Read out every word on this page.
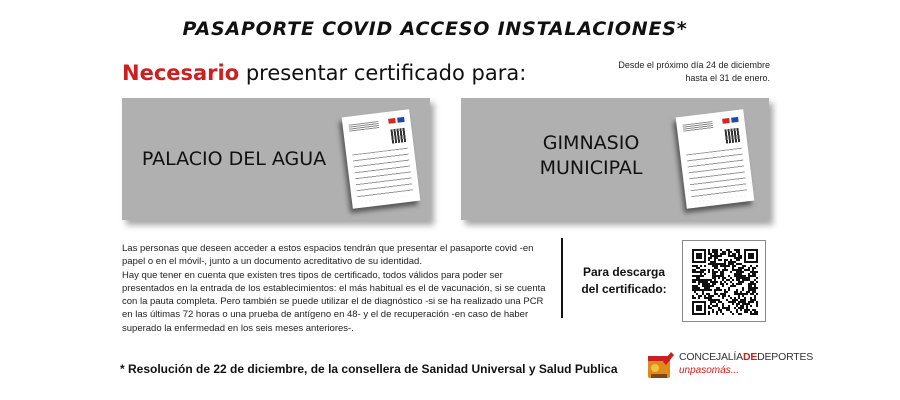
PASAPORTE COVID ACCESO INSTALACIONES*
Necesario presentar certificado para:	Desde el próximo día 24 de diciembre
hasta el 31 de enero.
PALACIO DEL AGUA
GIMNASIO
MUNICIPAL

Las personas que deseen acceder a estos espacios tendrán que presentar el pasaporte covid -en papel o en el móvil-, junto a un documento acreditativo de su identidad.

Hay que tener en cuenta que existen tres tipos de certificado, todos válidos para poder ser presentados en la entrada de los establecimientos: el más habitual es el de vacunación, si se cuenta con la pauta completa. Pero también se puede utilizar el de diagnóstico -si se ha realizado una PCR en las últimas 72 horas o una prueba de antígeno en 48- y el de recuperación -en caso de haber superado la enfermedad en los seis meses anteriores-.

Para descarga
del certificado:
* Resolución de 22 de diciembre, de la consellera de Sanidad Universal y Salud Publica
CONCEJALÍADEDEPORTES
unpasomás...
